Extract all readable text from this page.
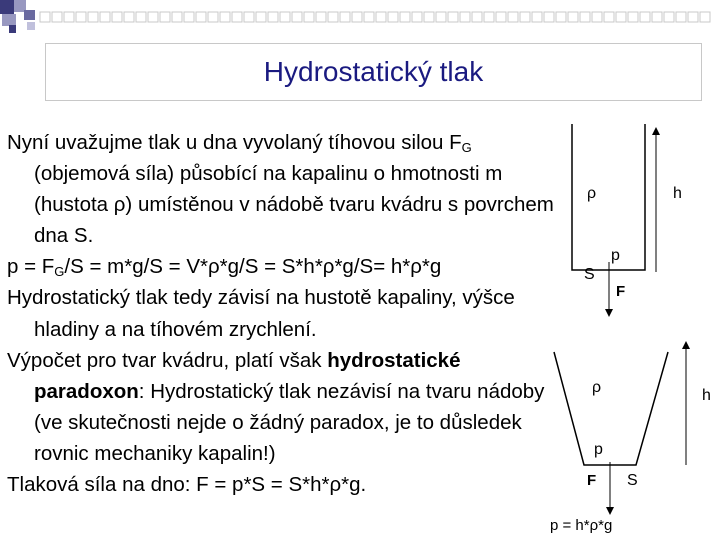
Hydrostatický tlak
Nyní uvažujme tlak u dna vyvolaný tíhovou silou $F_G$ (objemová síla) působící na kapalinu o hmotnosti m (hustota ρ) umístěnou v nádobě tvaru kvádru s povrchem dna S.
$p = F_G/S = m*g/S = V*\rho*g/S = S*h*\rho*g/S= h*\rho*g$
Hydrostatický tlak tedy závisí na hustotě kapaliny, výšce hladiny a na tíhovém zrychlení.
Výpočet pro tvar kvádru, platí však hydrostatické paradoxon: Hydrostatický tlak nezávisí na tvaru nádoby (ve skutečnosti nejde o žádný paradox, je to důsledek rovnic mechaniky kapalin!)
Tlaková síla na dno: F = p*S = S*h*ρ*g.
ρ	h
p
S
F
ρ	h
p
F S
p = h*ρ*g
